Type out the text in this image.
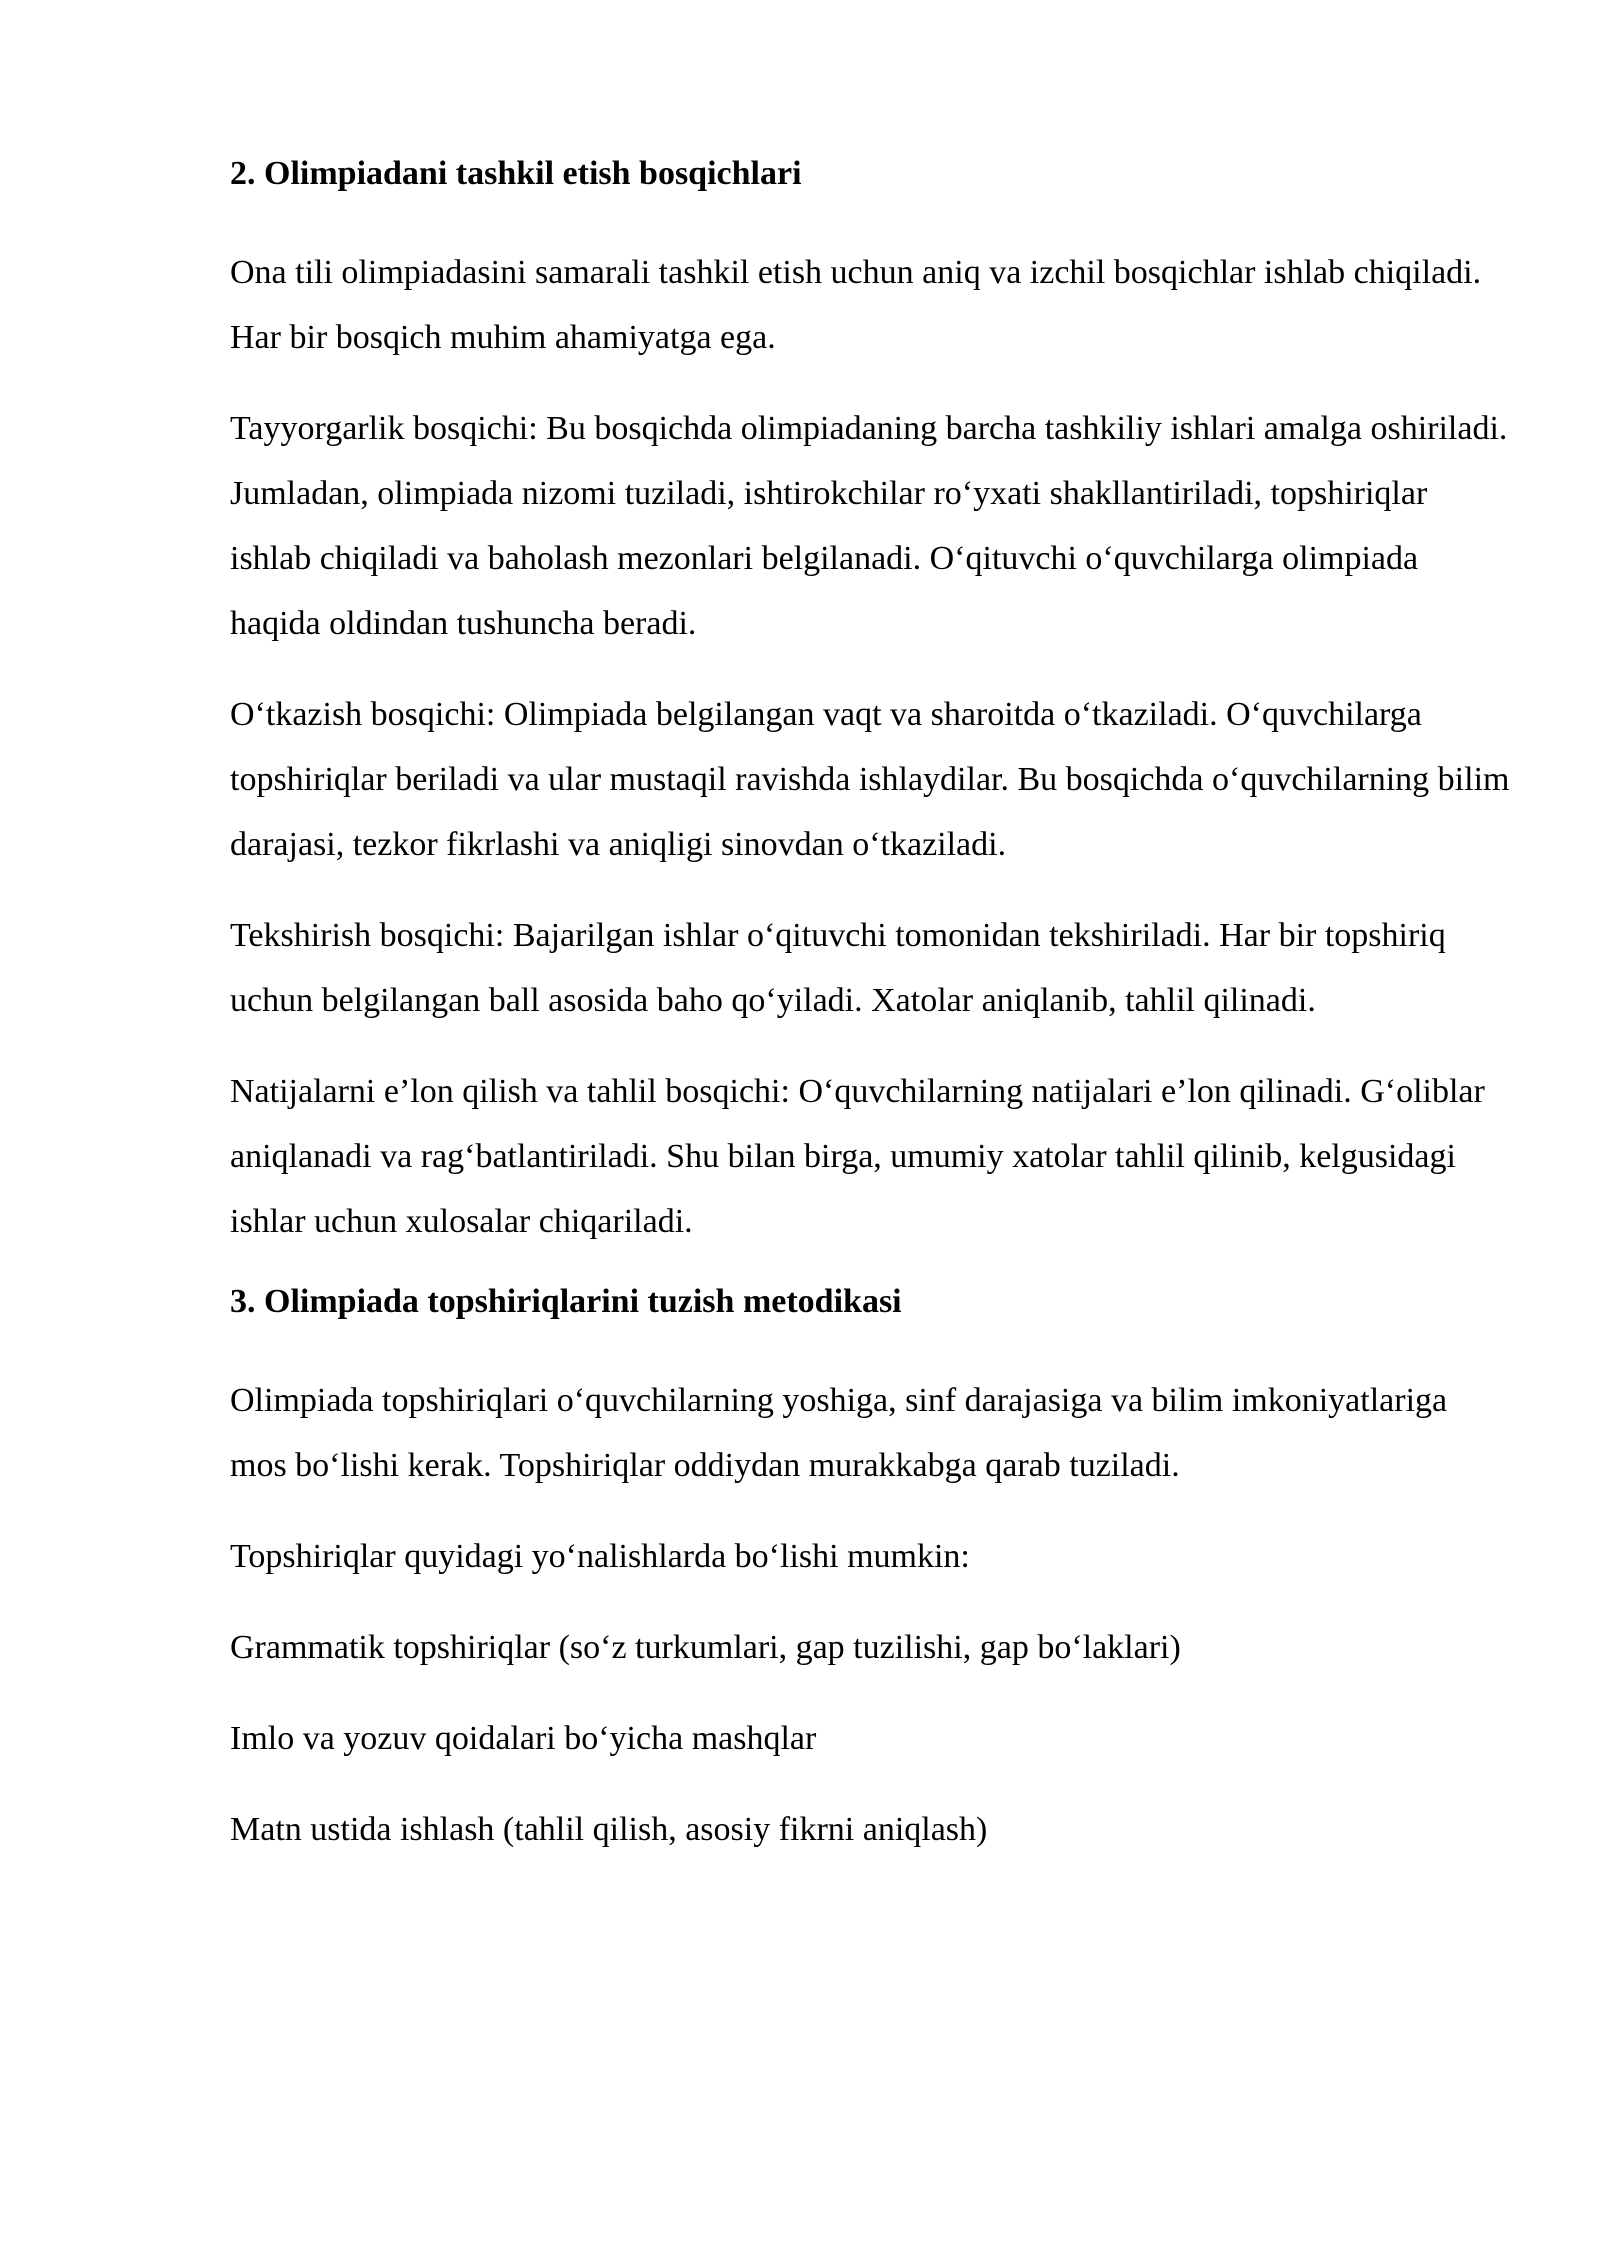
2. Olimpiadani tashkil etish bosqichlari

Ona tili olimpiadasini samarali tashkil etish uchun aniq va izchil bosqichlar ishlab chiqiladi. Har bir bosqich muhim ahamiyatga ega.

Tayyorgarlik bosqichi: Bu bosqichda olimpiadaning barcha tashkiliy ishlari amalga oshiriladi. Jumladan, olimpiada nizomi tuziladi, ishtirokchilar ro‘yxati shakllantiriladi, topshiriqlar ishlab chiqiladi va baholash mezonlari belgilanadi. O‘qituvchi o‘quvchilarga olimpiada haqida oldindan tushuncha beradi.

O‘tkazish bosqichi: Olimpiada belgilangan vaqt va sharoitda o‘tkaziladi. O‘quvchilarga topshiriqlar beriladi va ular mustaqil ravishda ishlaydilar. Bu bosqichda o‘quvchilarning bilim darajasi, tezkor fikrlashi va aniqligi sinovdan o‘tkaziladi.

Tekshirish bosqichi: Bajarilgan ishlar o‘qituvchi tomonidan tekshiriladi. Har bir topshiriq uchun belgilangan ball asosida baho qo‘yiladi. Xatolar aniqlanib, tahlil qilinadi.

Natijalarni e’lon qilish va tahlil bosqichi: O‘quvchilarning natijalari e’lon qilinadi. G‘oliblar aniqlanadi va rag‘batlantiriladi. Shu bilan birga, umumiy xatolar tahlil qilinib, kelgusidagi ishlar uchun xulosalar chiqariladi.

3. Olimpiada topshiriqlarini tuzish metodikasi

Olimpiada topshiriqlari o‘quvchilarning yoshiga, sinf darajasiga va bilim imkoniyatlariga mos bo‘lishi kerak. Topshiriqlar oddiydan murakkabga qarab tuziladi.

Topshiriqlar quyidagi yo‘nalishlarda bo‘lishi mumkin:

Grammatik topshiriqlar (so‘z turkumlari, gap tuzilishi, gap bo‘laklari)

Imlo va yozuv qoidalari bo‘yicha mashqlar

Matn ustida ishlash (tahlil qilish, asosiy fikrni aniqlash)
